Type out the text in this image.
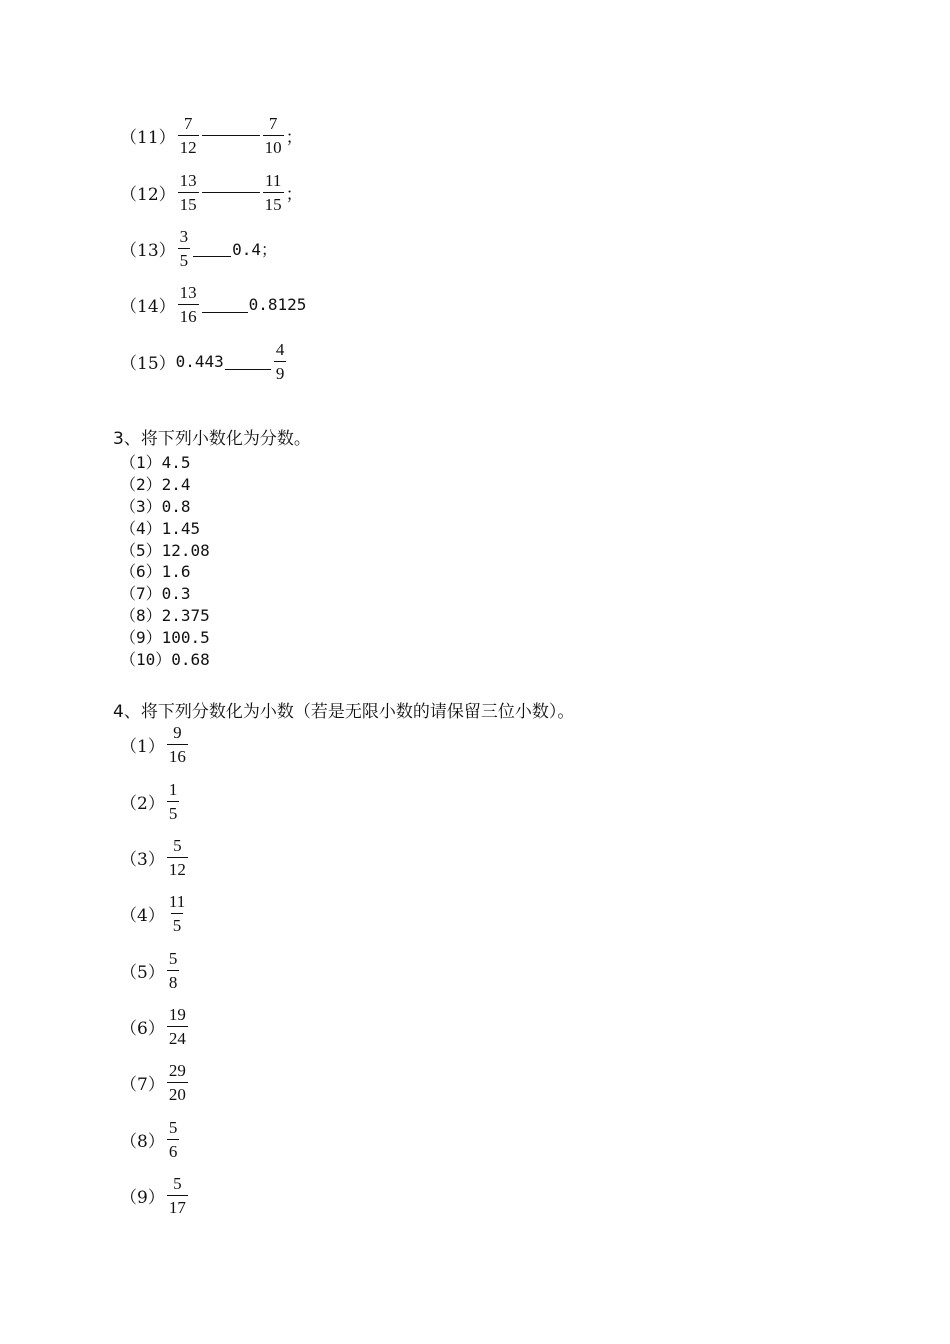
$(11) \frac{7}{12}$	$\frac{7}{10}$ ；
$(12) \frac{13}{15}$	$\frac{11}{15}$ ；
$(13) \frac{3}{5}$	0.4；
$(14) \frac{13}{16}$	0.8125
（15） 0.443	$\frac{4}{9}$
3、将下列小数化为分数。
（1）4.5
（2）2.4
（3）0.8
（4）1.45
（5）12.08
（6）1.6
（7）0.3
（8）2.375
（9）100.5
（10）0.68
4、将下列分数化为小数（若是无限小数的请保留三位小数）。
$(1) \frac{9}{16}$
$(2) \frac{1}{5}$
$(3) \frac{5}{12}$
$(4) \frac{11}{5}$
$(5) \frac{5}{8}$
$(6) \frac{19}{24}$
$(7) \frac{29}{20}$
$(8) \frac{5}{6}$
$(9) \frac{5}{17}$
